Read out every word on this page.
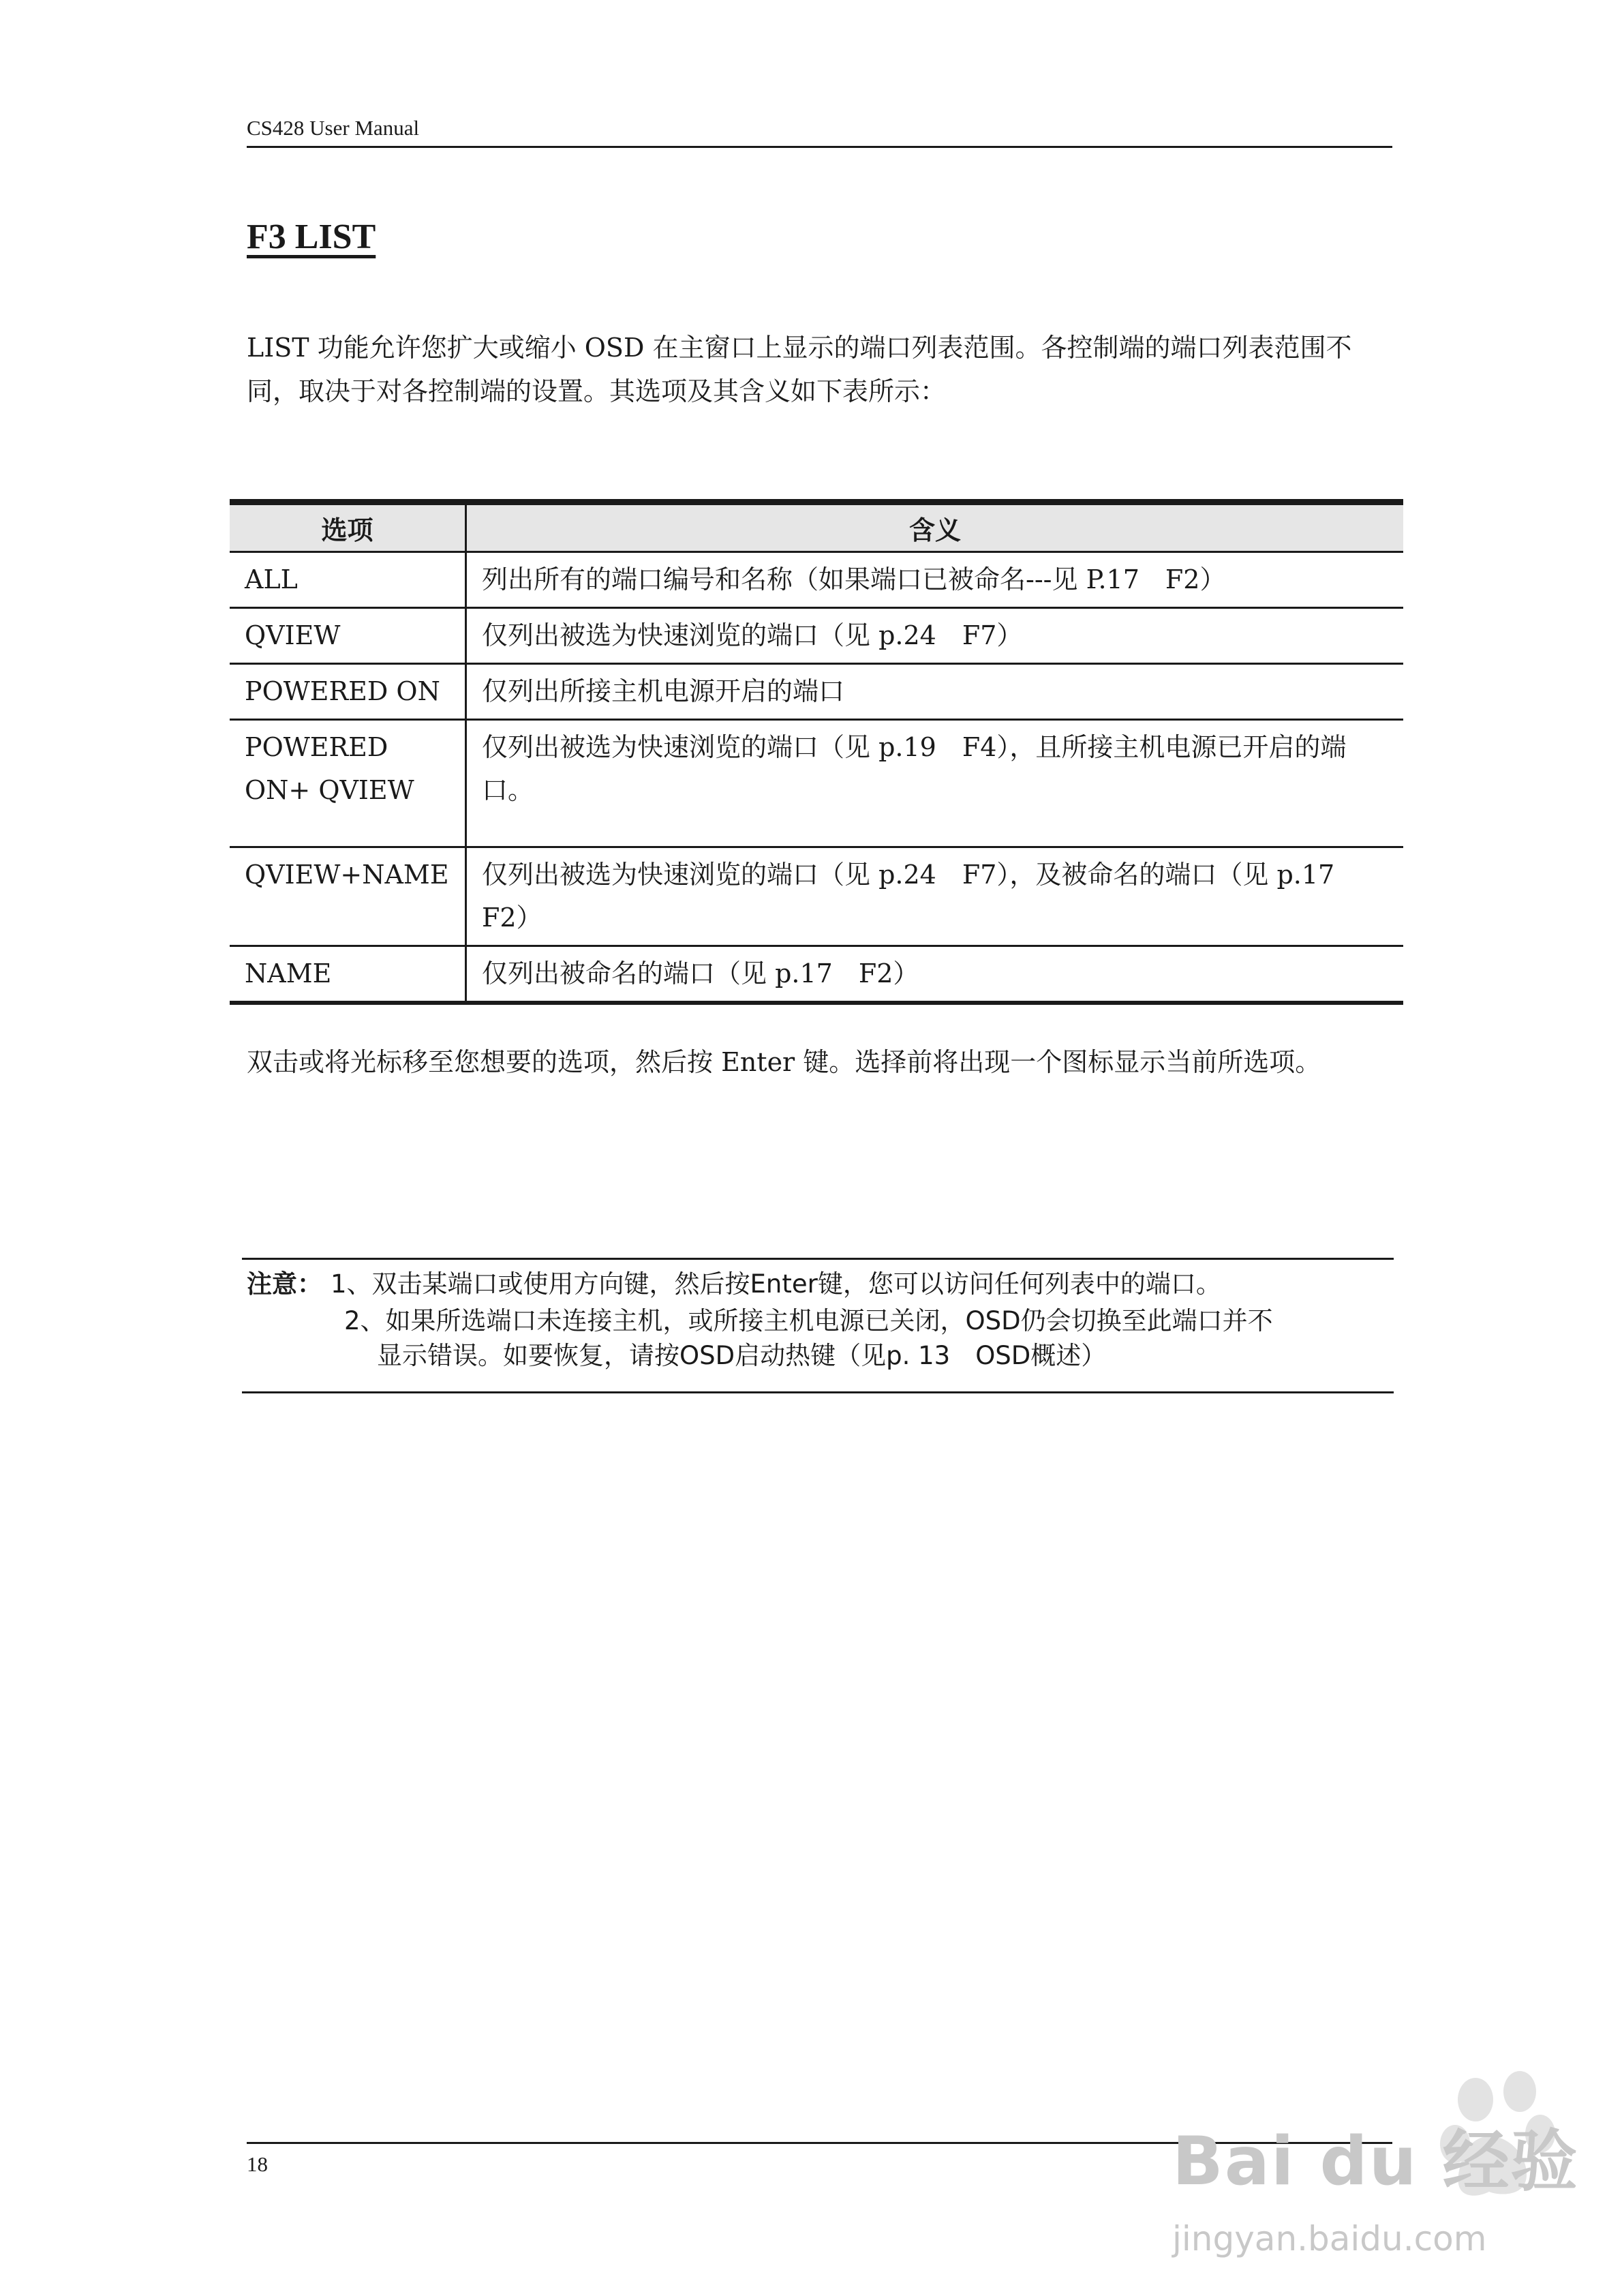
CS428 User Manual
F3 LIST
LIST 功能允许您扩大或缩小 OSD 在主窗口上显示的端口列表范围。各控制端的端口列表范围不同，取决于对各控制端的设置。其选项及其含义如下表所示：
选项	含义
ALL	列出所有的端口编号和名称（如果端口已被命名---见 P.17　F2）
QVIEW	仅列出被选为快速浏览的端口（见 p.24　F7）
POWERED ON	仅列出所接主机电源开启的端口
POWERED ON+ QVIEW	仅列出被选为快速浏览的端口（见 p.19　F4），且所接主机电源已开启的端口。
QVIEW+NAME	仅列出被选为快速浏览的端口（见 p.24　F7），及被命名的端口（见 p.17 F2）
NAME	仅列出被命名的端口（见 p.17　F2）
双击或将光标移至您想要的选项，然后按 Enter 键。选择前将出现一个图标显示当前所选项。
注意： 1、双击某端口或使用方向键，然后按Enter键，您可以访问任何列表中的端口。
2、如果所选端口未连接主机，或所接主机电源已关闭，OSD仍会切换至此端口并不
显示错误。如要恢复，请按OSD启动热键（见p. 13　OSD概述）
18	Bai du 经验
jingyan.baidu.com
